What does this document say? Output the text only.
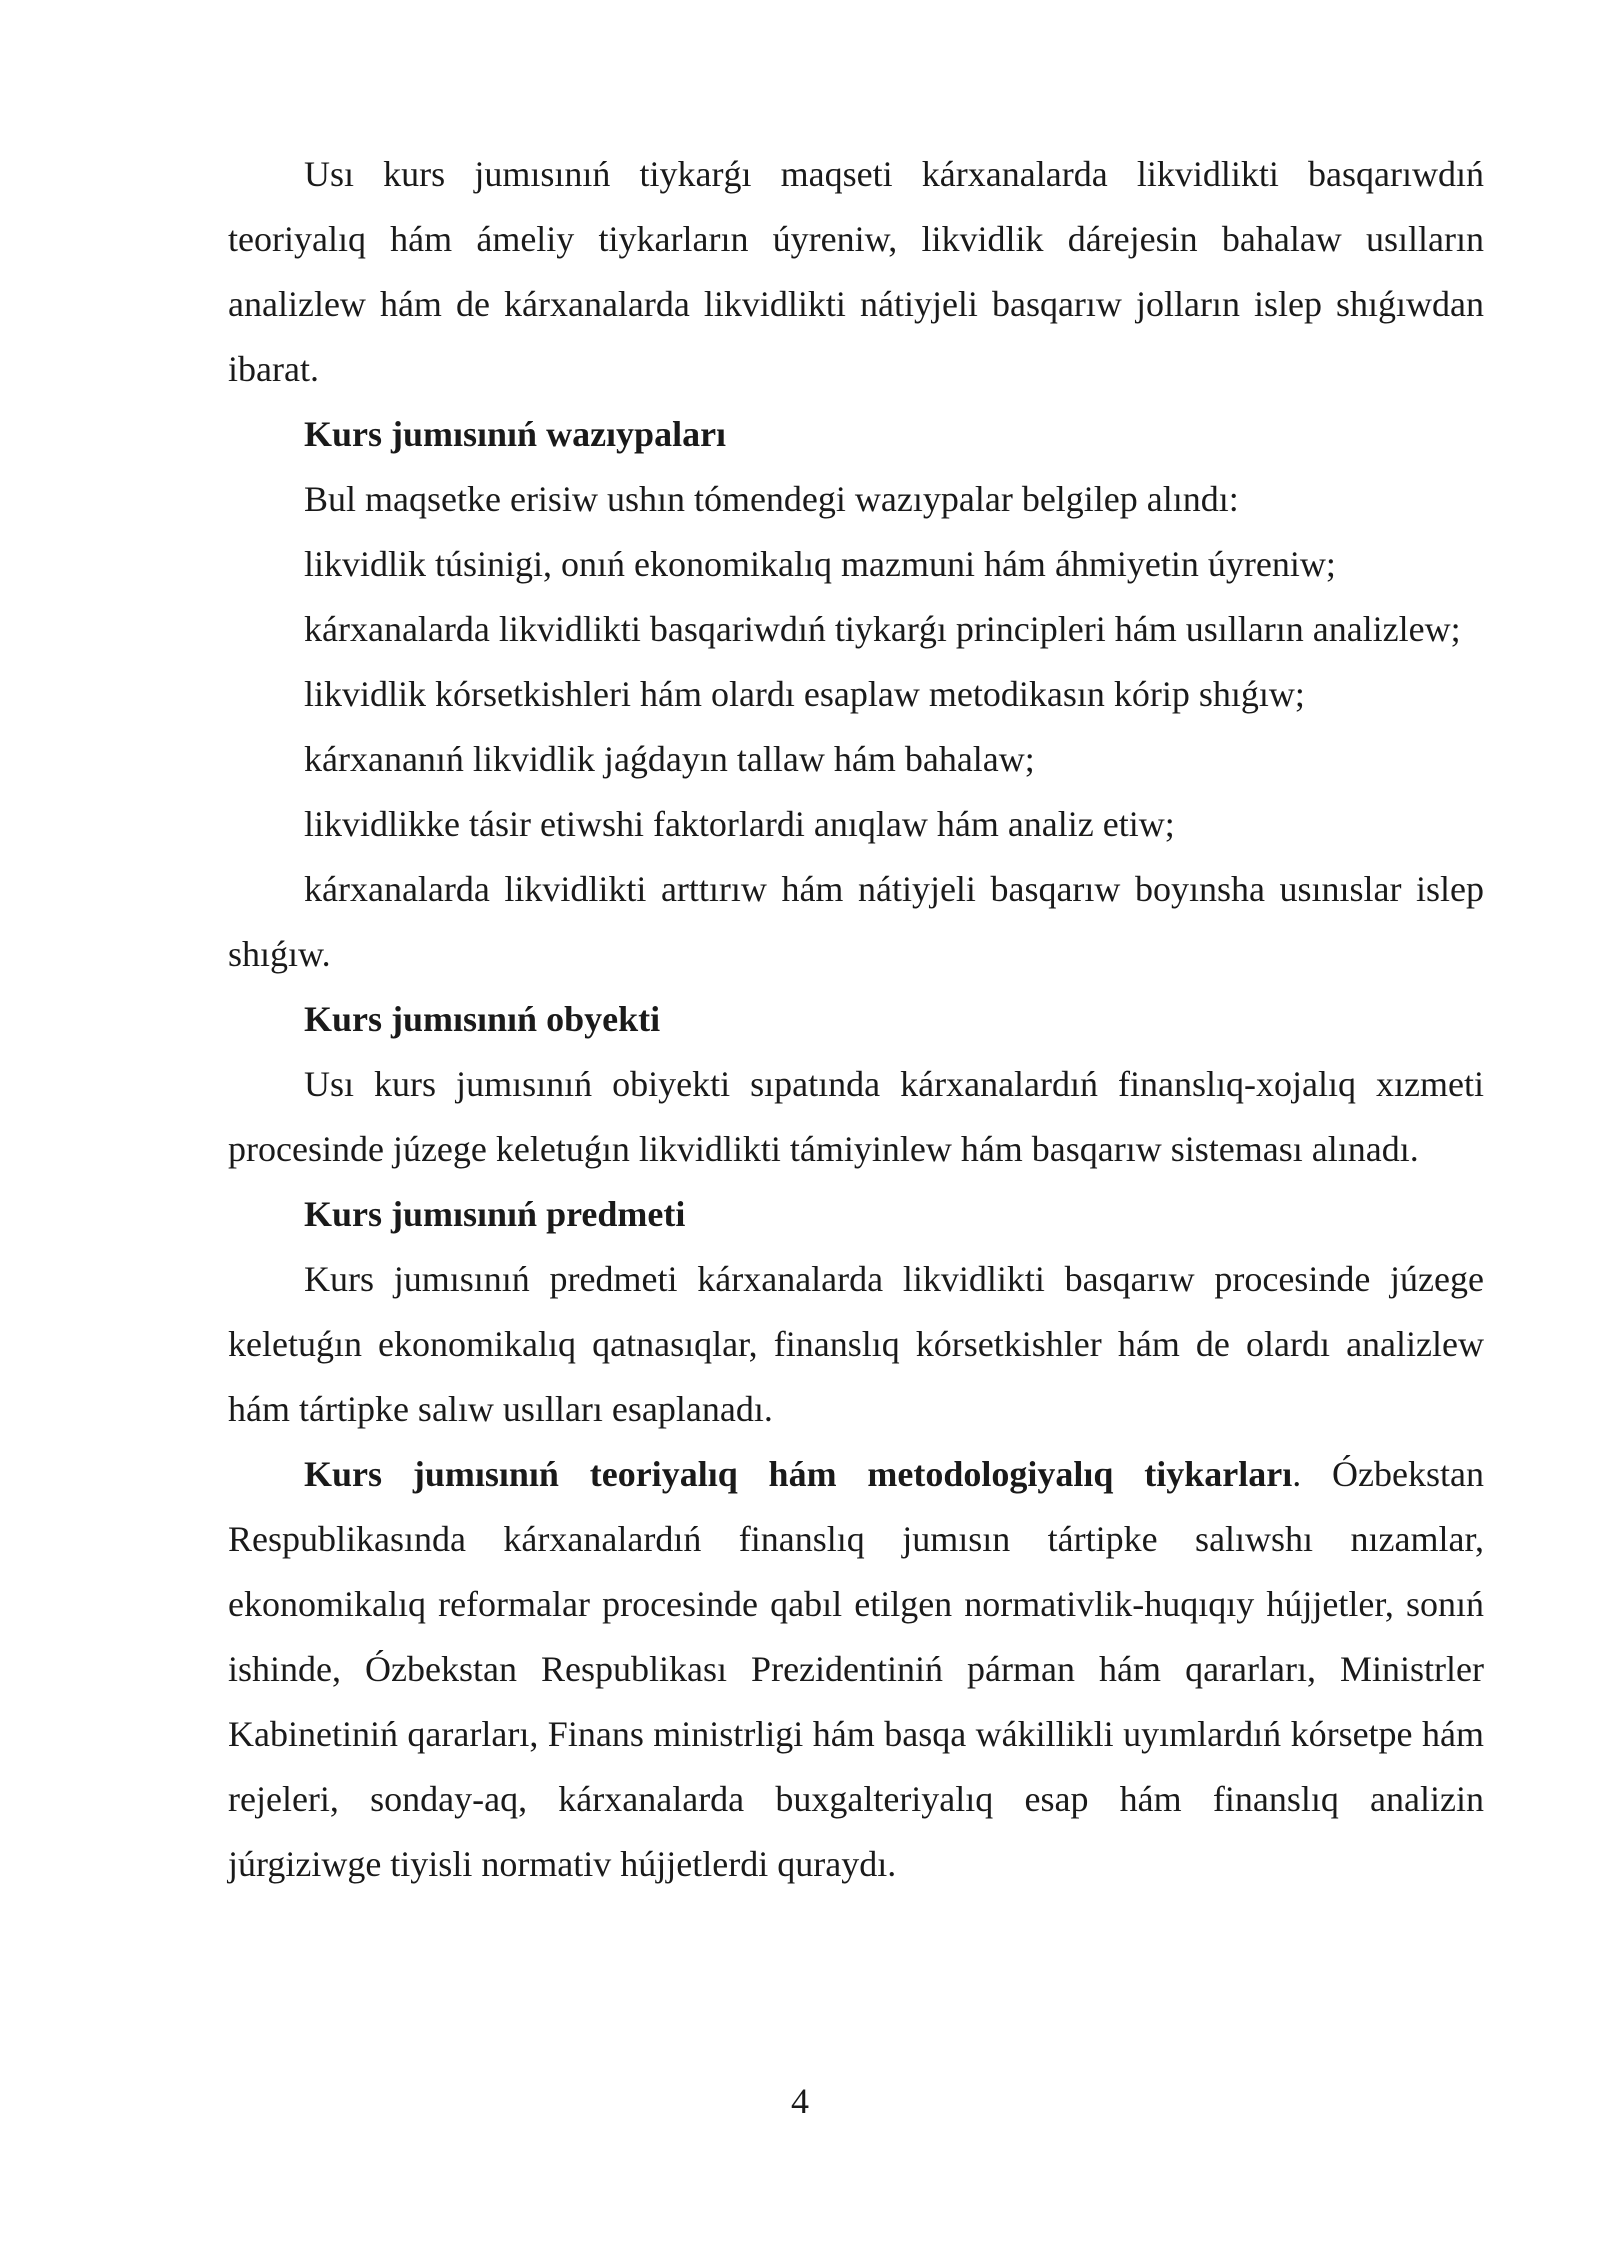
Usı kurs jumısınıń tiykarǵı maqseti kárxanalarda likvidlikti basqarıwdıń teoriyalıq hám ámeliy tiykarların úyreniw, likvidlik dárejesin bahalaw usılların analizlew hám de kárxanalarda likvidlikti nátiyjeli basqarıw jolların islep shıǵıwdan ibarat.

Kurs jumısınıń wazıypaları

Bul maqsetke erisiw ushın tómendegi wazıypalar belgilep alındı:

likvidlik túsinigi, onıń ekonomikalıq mazmuni hám áhmiyetin úyreniw;

kárxanalarda likvidlikti basqariwdıń tiykarǵı principleri hám usılların analizlew;

likvidlik kórsetkishleri hám olardı esaplaw metodikasın kórip shıǵıw;

kárxananıń likvidlik jaǵdayın tallaw hám bahalaw;

likvidlikke tásir etiwshi faktorlardi anıqlaw hám analiz etiw;

kárxanalarda likvidlikti arttırıw hám nátiyjeli basqarıw boyınsha usınıslar islep shıǵıw.

Kurs jumısınıń obyekti

Usı kurs jumısınıń obiyekti sıpatında kárxanalardıń finanslıq-xojalıq xızmeti procesinde júzege keletuǵın likvidlikti támiyinlew hám basqarıw sisteması alınadı.

Kurs jumısınıń predmeti

Kurs jumısınıń predmeti kárxanalarda likvidlikti basqarıw procesinde júzege keletuǵın ekonomikalıq qatnasıqlar, finanslıq kórsetkishler hám de olardı analizlew hám tártipke salıw usılları esaplanadı.

Kurs jumısınıń teoriyalıq hám metodologiyalıq tiykarları. Ózbekstan Respublikasında kárxanalardıń finanslıq jumısın tártipke salıwshı nızamlar, ekonomikalıq reformalar procesinde qabıl etilgen normativlik-huqıqıy hújjetler, sonıń ishinde, Ózbekstan Respublikası Prezidentiniń párman hám qararları, Ministrler Kabinetiniń qararları, Finans ministrligi hám basqa wákillikli uyımlardıń kórsetpe hám rejeleri, sonday-aq, kárxanalarda buxgalteriyalıq esap hám finanslıq analizin júrgiziwge tiyisli normativ hújjetlerdi quraydı.

4
